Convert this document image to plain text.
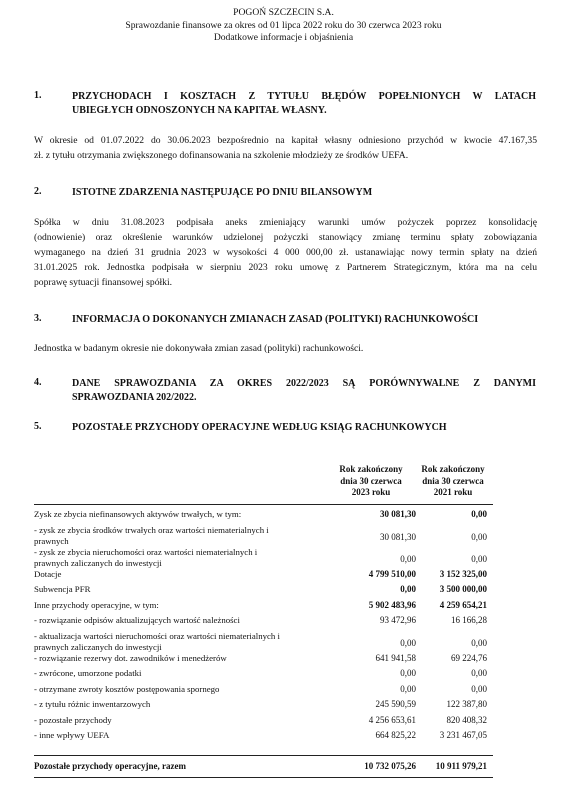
POGOŃ SZCZECIN S.A.
Sprawozdanie finansowe za okres od 01 lipca 2022 roku do 30 czerwca 2023 roku
Dodatkowe informacje i objaśnienia
1.	PRZYCHODACH I KOSZTACH Z TYTUŁU BŁĘDÓW POPEŁNIONYCH W LATACH
UBIEGŁYCH ODNOSZONYCH NA KAPITAŁ WŁASNY.
W okresie od 01.07.2022 do 30.06.2023 bezpośrednio na kapitał własny odniesiono przychód w kwocie 47.167,35
zł. z tytułu otrzymania zwiększonego dofinansowania na szkolenie młodzieży ze środków UEFA.
2.	ISTOTNE ZDARZENIA NASTĘPUJĄCE PO DNIU BILANSOWYM
Spółka w dniu 31.08.2023 podpisała aneks zmieniający warunki umów pożyczek poprzez konsolidację
(odnowienie) oraz określenie warunków udzielonej pożyczki stanowiący zmianę terminu spłaty zobowiązania
wymaganego na dzień 31 grudnia 2023 w wysokości 4 000 000,00 zł. ustanawiając nowy termin spłaty na dzień
31.01.2025 rok. Jednostka podpisała w sierpniu 2023 roku umowę z Partnerem Strategicznym, która ma na celu
poprawę sytuacji finansowej spółki.
3.	INFORMACJA O DOKONANYCH ZMIANACH ZASAD (POLITYKI) RACHUNKOWOŚCI
Jednostka w badanym okresie nie dokonywała zmian zasad (polityki) rachunkowości.
4.	DANE SPRAWOZDANIA ZA OKRES 2022/2023 SĄ PORÓWNYWALNE Z DANYMI
SPRAWOZDANIA 202/2022.
5.	POZOSTAŁE PRZYCHODY OPERACYJNE WEDŁUG KSIĄG RACHUNKOWYCH
Rok zakończony
dnia 30 czerwca
2023 roku
Rok zakończony
dnia 30 czerwca
2021 roku
Zysk ze zbycia niefinansowych aktywów trwałych, w tym:	30 081,30	0,00
- zysk ze zbycia środków trwałych oraz wartości niematerialnych i
prawnych	30 081,30	0,00
- zysk ze zbycia nieruchomości oraz wartości niematerialnych i
prawnych zaliczanych do inwestycji	0,00	0,00
Dotacje	4 799 510,00	3 152 325,00
Subwencja PFR	0,00	3 500 000,00
Inne przychody operacyjne, w tym:	5 902 483,96	4 259 654,21
- rozwiązanie odpisów aktualizujących wartość należności	93 472,96	16 166,28
- aktualizacja wartości nieruchomości oraz wartości niematerialnych i
prawnych zaliczanych do inwestycji	0,00	0,00
- rozwiązanie rezerwy dot. zawodników i menedżerów	641 941,58	69 224,76
- zwrócone, umorzone podatki	0,00	0,00
- otrzymane zwroty kosztów postępowania spornego	0,00	0,00
- z tytułu różnic inwentarzowych	245 590,59	122 387,80
- pozostałe przychody	4 256 653,61	820 408,32
- inne wpływy UEFA	664 825,22	3 231 467,05
Pozostałe przychody operacyjne, razem	10 732 075,26	10 911 979,21
